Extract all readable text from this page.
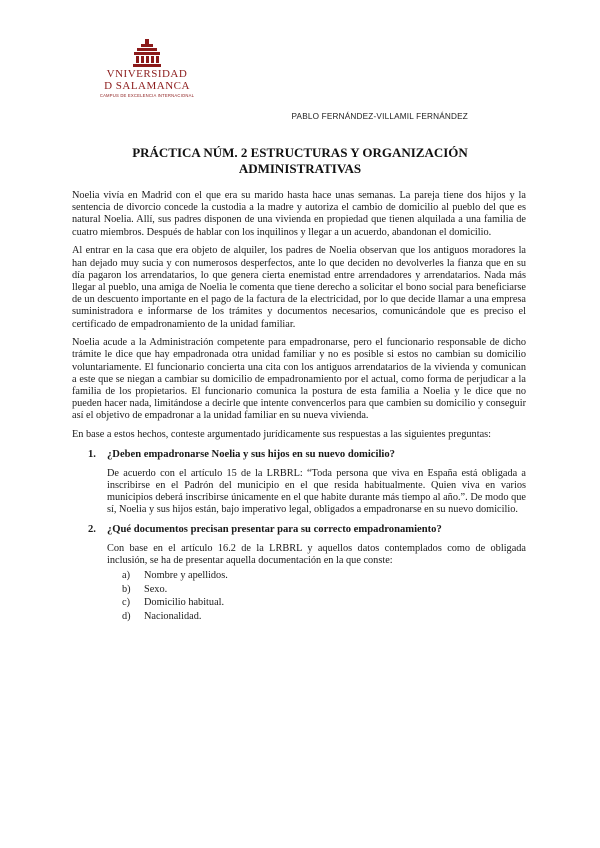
VNIVERSIDAD
D SALAMANCA
CAMPUS DE EXCELENCIA INTERNACIONAL
PABLO FERNÁNDEZ-VILLAMIL FERNÁNDEZ
PRÁCTICA NÚM. 2 ESTRUCTURAS Y ORGANIZACIÓN
ADMINISTRATIVAS

Noelia vivía en Madrid con el que era su marido hasta hace unas semanas. La pareja tiene dos hijos y la sentencia de divorcio concede la custodia a la madre y autoriza el cambio de domicilio al pueblo del que es natural Noelia. Allí, sus padres disponen de una vivienda en propiedad que tienen alquilada a una familia de cuatro miembros. Después de hablar con los inquilinos y llegar a un acuerdo, abandonan el domicilio.

Al entrar en la casa que era objeto de alquiler, los padres de Noelia observan que los antiguos moradores la han dejado muy sucia y con numerosos desperfectos, ante lo que deciden no devolverles la fianza que en su día pagaron los arrendatarios, lo que genera cierta enemistad entre arrendadores y arrendatarios. Nada más llegar al pueblo, una amiga de Noelia le comenta que tiene derecho a solicitar el bono social para beneficiarse de un descuento importante en el pago de la factura de la electricidad, por lo que decide llamar a una empresa suministradora e informarse de los trámites y documentos necesarios, comunicándole que es preciso el certificado de empadronamiento de la unidad familiar.

Noelia acude a la Administración competente para empadronarse, pero el funcionario responsable de dicho trámite le dice que hay empadronada otra unidad familiar y no es posible si estos no cambian su domicilio voluntariamente. El funcionario concierta una cita con los antiguos arrendatarios de la vivienda y comunican a este que se niegan a cambiar su domicilio de empadronamiento por el actual, como forma de perjudicar a la familia de los propietarios. El funcionario comunica la postura de esta familia a Noelia y le dice que no pueden hacer nada, limitándose a decirle que intente convencerlos para que cambien su domicilio y conseguir así el objetivo de empadronar a la unidad familiar en su nueva vivienda.

En base a estos hechos, conteste argumentado jurídicamente sus respuestas a las siguientes preguntas:

1.	¿Deben empadronarse Noelia y sus hijos en su nuevo domicilio?

De acuerdo con el artículo 15 de la LRBRL: “Toda persona que viva en España está obligada a inscribirse en el Padrón del municipio en el que resida habitualmente. Quien viva en varios municipios deberá inscribirse únicamente en el que habite durante más tiempo al año.”. De modo que sí, Noelia y sus hijos están, bajo imperativo legal, obligados a empadronarse en su nuevo domicilio.

2.	¿Qué documentos precisan presentar para su correcto empadronamiento?

Con base en el artículo 16.2 de la LRBRL y aquellos datos contemplados como de obligada inclusión, se ha de presentar aquella documentación en la que conste:

a)	Nombre y apellidos.
b)	Sexo.
c)	Domicilio habitual.
d)	Nacionalidad.
